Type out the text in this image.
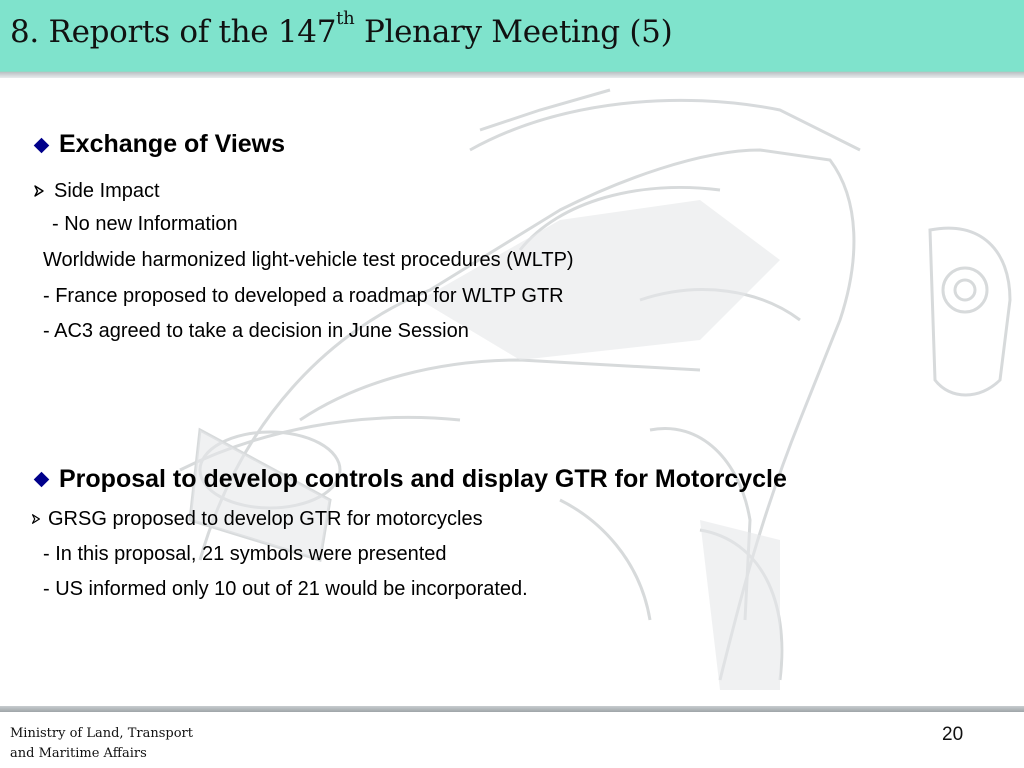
8. Reports of the 147th Plenary Meeting (5)
Exchange of Views
Side Impact
- No new Information
Worldwide harmonized light-vehicle test procedures (WLTP)
- France proposed to developed a roadmap for WLTP GTR
- AC3 agreed to take a decision in June Session
Proposal to develop controls and display GTR for Motorcycle
GRSG proposed to develop GTR for motorcycles
- In this proposal, 21 symbols were presented
- US informed only 10 out of 21 would be incorporated.
Ministry of Land, Transport
and Maritime Affairs
20
